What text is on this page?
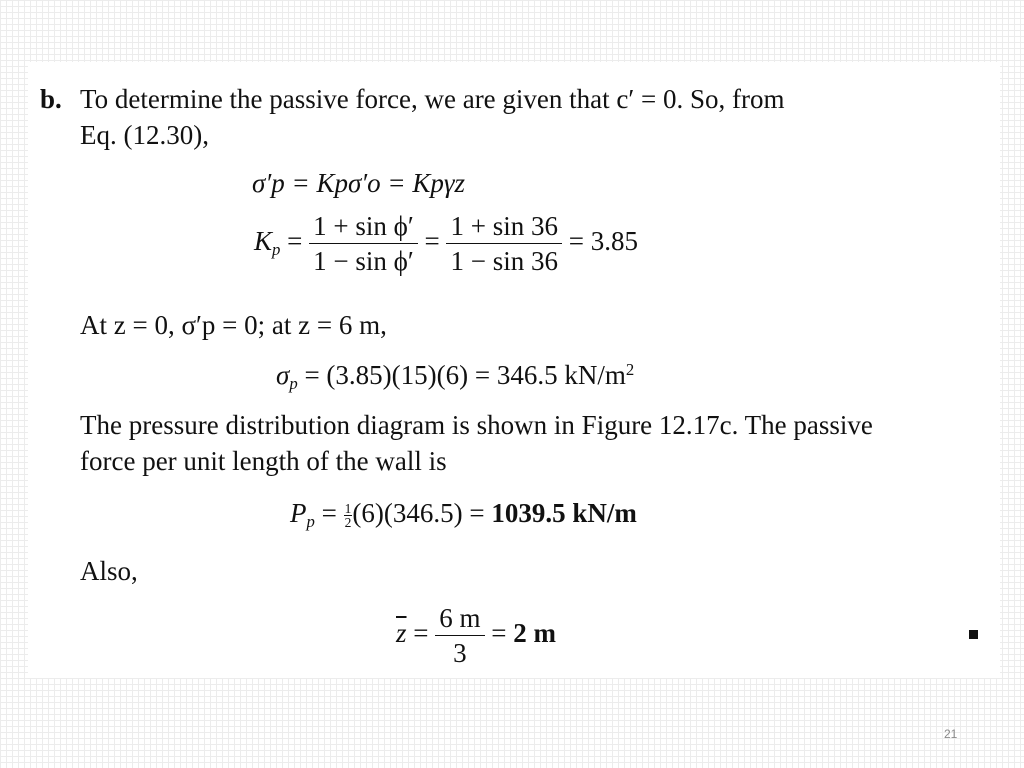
b. To determine the passive force, we are given that c′ = 0. So, from
Eq. (12.30),
σ′p = Kpσ′o = Kpγz
$K_p = \frac{\text{1 + sin ϕ′}}{\text{1 − sin ϕ′}} = \frac{1 + \sin 36}{1 - \sin 36} = 3.85$
At z = 0, σ′p = 0; at z = 6 m,
$\sigma_p = (3.85)(15)(6) = 346.5$ $kN/m^2$
The pressure distribution diagram is shown in Figure 12.17c. The passive
force per unit length of the wall is
$P_p = \frac{1}{2} (6)(346.5) = 1039.5$ kN/m
Also,
$\overline{z} = \frac{6 m}{3} = 2$ m
21
